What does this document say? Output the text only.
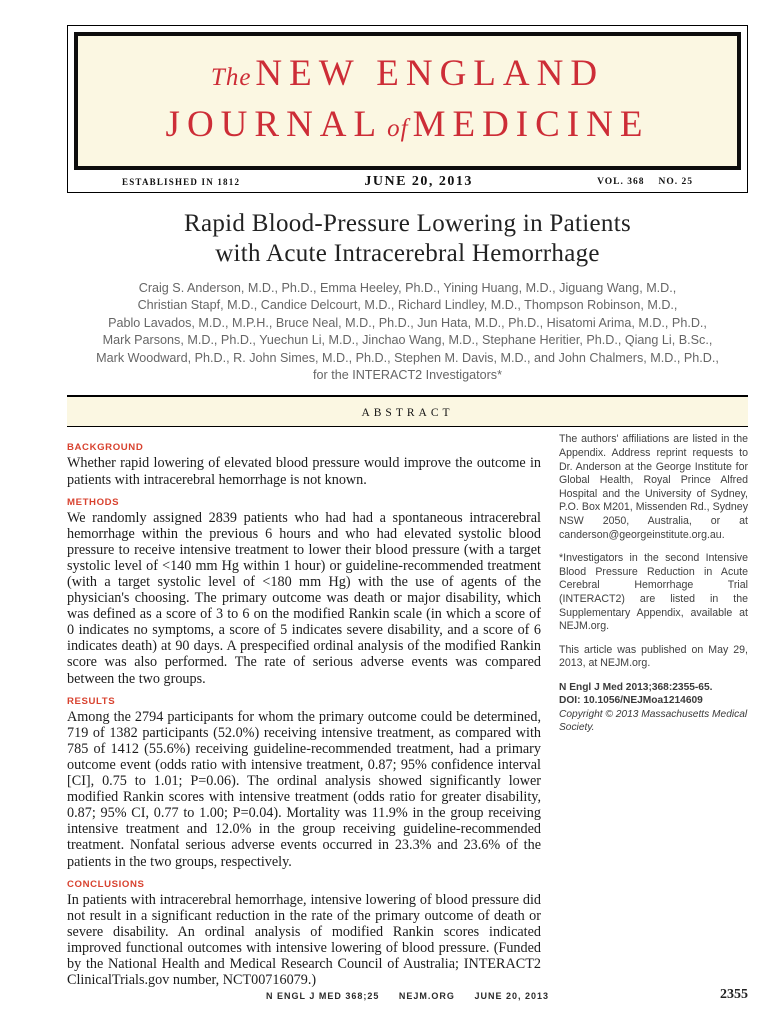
The NEW ENGLAND
JOURNAL of MEDICINE
ESTABLISHED IN 1812	JUNE 20, 2013	VOL. 368 NO. 25
Rapid Blood-Pressure Lowering in Patients
with Acute Intracerebral Hemorrhage
Craig S. Anderson, M.D., Ph.D., Emma Heeley, Ph.D., Yining Huang, M.D., Jiguang Wang, M.D.,
Christian Stapf, M.D., Candice Delcourt, M.D., Richard Lindley, M.D., Thompson Robinson, M.D.,
Pablo Lavados, M.D., M.P.H., Bruce Neal, M.D., Ph.D., Jun Hata, M.D., Ph.D., Hisatomi Arima, M.D., Ph.D.,
Mark Parsons, M.D., Ph.D., Yuechun Li, M.D., Jinchao Wang, M.D., Stephane Heritier, Ph.D., Qiang Li, B.Sc.,
Mark Woodward, Ph.D., R. John Simes, M.D., Ph.D., Stephen M. Davis, M.D., and John Chalmers, M.D., Ph.D.,
for the INTERACT2 Investigators*
ABSTRACT
BACKGROUND
Whether rapid lowering of elevated blood pressure would improve the outcome in patients with intracerebral hemorrhage is not known.
METHODS
We randomly assigned 2839 patients who had had a spontaneous intracerebral hemorrhage within the previous 6 hours and who had elevated systolic blood pressure to receive intensive treatment to lower their blood pressure (with a target systolic level of <140 mm Hg within 1 hour) or guideline-recommended treatment (with a target systolic level of <180 mm Hg) with the use of agents of the physician's choosing. The primary outcome was death or major disability, which was defined as a score of 3 to 6 on the modified Rankin scale (in which a score of 0 indicates no symptoms, a score of 5 indicates severe disability, and a score of 6 indicates death) at 90 days. A prespecified ordinal analysis of the modified Rankin score was also performed. The rate of serious adverse events was compared between the two groups.
RESULTS
Among the 2794 participants for whom the primary outcome could be determined, 719 of 1382 participants (52.0%) receiving intensive treatment, as compared with 785 of 1412 (55.6%) receiving guideline-recommended treatment, had a primary outcome event (odds ratio with intensive treatment, 0.87; 95% confidence interval [CI], 0.75 to 1.01; P=0.06). The ordinal analysis showed significantly lower modified Rankin scores with intensive treatment (odds ratio for greater disability, 0.87; 95% CI, 0.77 to 1.00; P=0.04). Mortality was 11.9% in the group receiving intensive treatment and 12.0% in the group receiving guideline-recommended treatment. Nonfatal serious adverse events occurred in 23.3% and 23.6% of the patients in the two groups, respectively.
CONCLUSIONS
In patients with intracerebral hemorrhage, intensive lowering of blood pressure did not result in a significant reduction in the rate of the primary outcome of death or severe disability. An ordinal analysis of modified Rankin scores indicated improved functional outcomes with intensive lowering of blood pressure. (Funded by the National Health and Medical Research Council of Australia; INTERACT2 ClinicalTrials.gov number, NCT00716079.)
The authors' affiliations are listed in the Appendix. Address reprint requests to Dr. Anderson at the George Institute for Global Health, Royal Prince Alfred Hospital and the University of Sydney, P.O. Box M201, Missenden Rd., Sydney NSW 2050, Australia, or at canderson@georgeinstitute.org.au.
*Investigators in the second Intensive Blood Pressure Reduction in Acute Cerebral Hemorrhage Trial (INTERACT2) are listed in the Supplementary Appendix, available at NEJM.org.
This article was published on May 29, 2013, at NEJM.org.
N Engl J Med 2013;368:2355-65.
DOI: 10.1056/NEJMoa1214609
Copyright © 2013 Massachusetts Medical Society.
N ENGL J MED 368;25 NEJM.ORG JUNE 20, 2013	2355
